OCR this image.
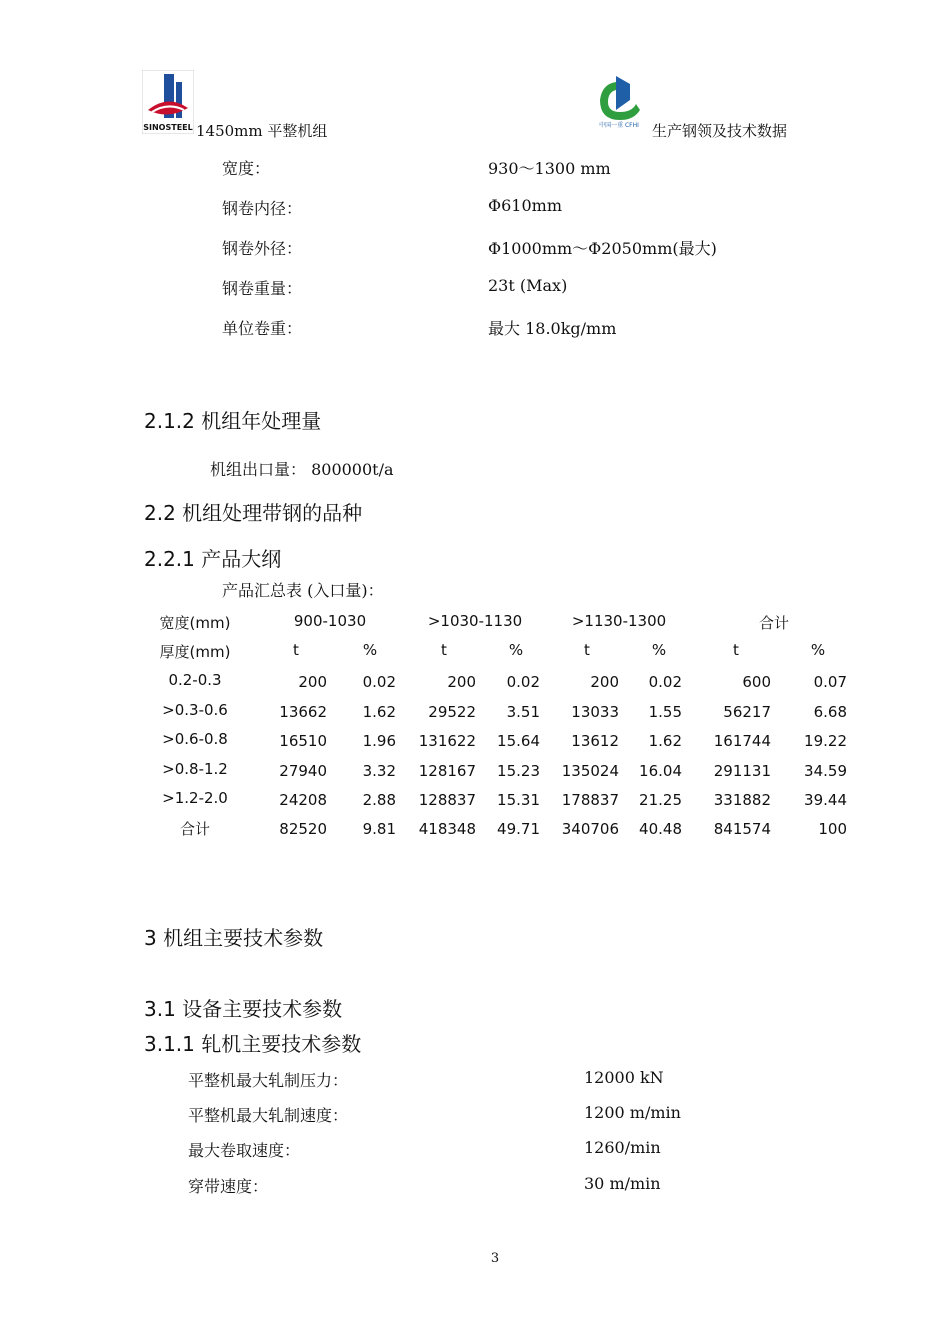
SINOSTEEL 1450mm 平整机组	中国一重 CFHI 生产钢领及技术数据
宽度：	930～1300 mm
钢卷内径：	Φ610mm
钢卷外径：	Φ1000mm～Φ2050mm(最大)
钢卷重量：	23t (Max)
单位卷重：	最大 18.0kg/mm
2.1.2 机组年处理量
机组出口量： 800000t/a
2.2 机组处理带钢的品种
2.2.1 产品大纲
产品汇总表 (入口量)：
宽度(mm)	900-1030	>1030-1130	>1130-1300	合计
厚度(mm)	t	%	t	%	t	%	t	%
0.2-0.3	200	0.02	200	0.02	200	0.02	600	0.07
>0.3-0.6	13662	1.62	29522	3.51	13033	1.55	56217	6.68
>0.6-0.8	16510	1.96	131622	15.64	13612	1.62	161744	19.22
>0.8-1.2	27940	3.32	128167	15.23	135024	16.04	291131	34.59
>1.2-2.0	24208	2.88	128837	15.31	178837	21.25	331882	39.44
合计	82520	9.81	418348	49.71	340706	40.48	841574	100
3 机组主要技术参数
3.1 设备主要技术参数
3.1.1 轧机主要技术参数
平整机最大轧制压力：	12000 kN
平整机最大轧制速度：	1200 m/min
最大卷取速度：	1260/min
穿带速度：	30 m/min
3
